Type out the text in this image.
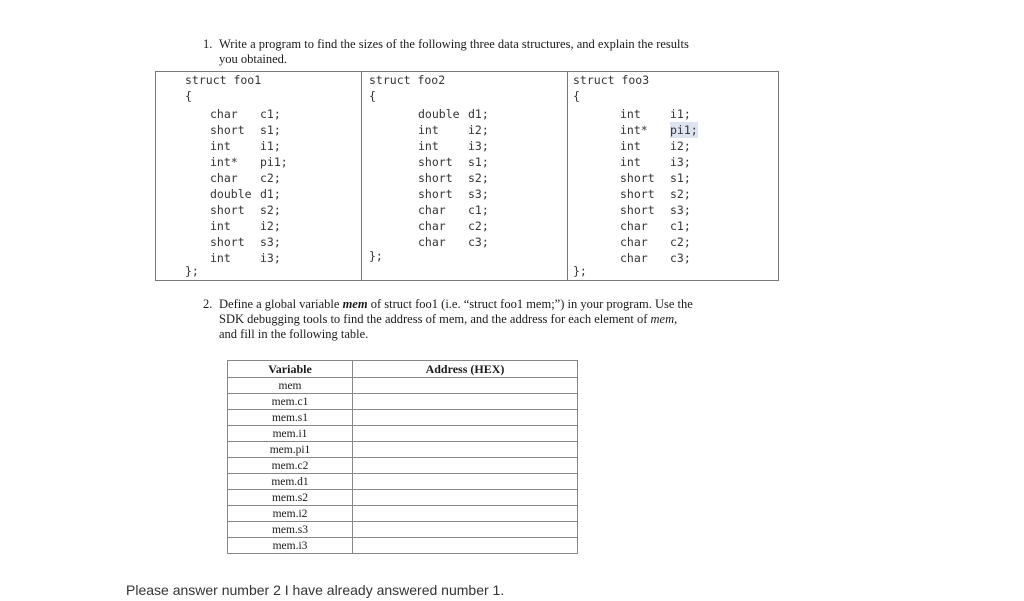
1. Write a program to find the sizes of the following three data structures, and explain the results
you obtained.
struct foo1
{
char	c1;
short	s1;
int	i1;
int*	pi1;
char	c2;
double d1;
short	s2;
int	i2;
short	s3;
int	i3;
};

struct foo2
{
double d1;
int	i2;
int	i3;
short	s1;
short	s2;
short	s3;
char	c1;
char	c2;
char	c3;
};

struct foo3
{
int	i1;
int*	pi1;
int	i2;
int	i3;
short	s1;
short	s2;
short	s3;
char	c1;
char	c2;
char	c3;
};
2. Define a global variable mem of struct foo1 (i.e. “struct foo1 mem;”) in your program. Use the
SDK debugging tools to find the address of mem, and the address for each element of mem,
and fill in the following table.
Variable	Address (HEX)
mem	
mem.c1	
mem.s1	
mem.i1	
mem.pi1	
mem.c2	
mem.d1	
mem.s2	
mem.i2	
mem.s3	
mem.i3	
Please answer number 2 I have already answered number 1.
